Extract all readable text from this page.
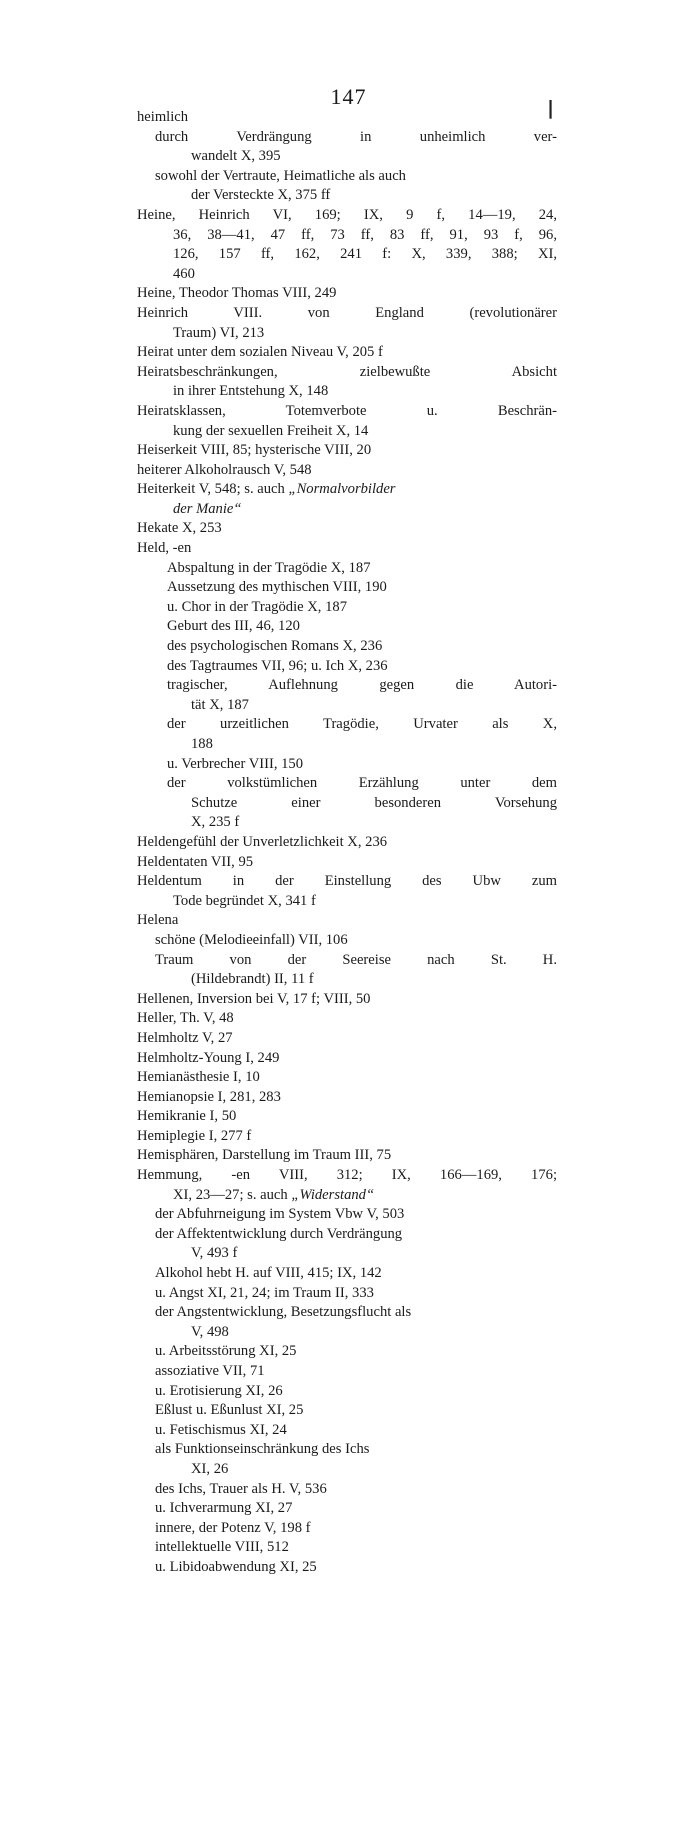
147	❘
heimlich
durch Verdrängung in unheimlich ver-
wandelt X, 395
sowohl der Vertraute, Heimatliche als auch
der Versteckte X, 375 ff
Heine, Heinrich VI, 169; IX, 9 f, 14—19, 24,
36, 38—41, 47 ff, 73 ff, 83 ff, 91, 93 f, 96,
126, 157 ff, 162, 241 f: X, 339, 388; XI,
460
Heine, Theodor Thomas VIII, 249
Heinrich VIII. von England (revolutionärer
Traum) VI, 213
Heirat unter dem sozialen Niveau V, 205 f
Heiratsbeschränkungen, zielbewußte Absicht
in ihrer Entstehung X, 148
Heiratsklassen, Totemverbote u. Beschrän-
kung der sexuellen Freiheit X, 14
Heiserkeit VIII, 85; hysterische VIII, 20
heiterer Alkoholrausch V, 548
Heiterkeit V, 548; s. auch „Normalvorbilder
der Manie“
Hekate X, 253
Held, -en
Abspaltung in der Tragödie X, 187
Aussetzung des mythischen VIII, 190
u. Chor in der Tragödie X, 187
Geburt des III, 46, 120
des psychologischen Romans X, 236
des Tagtraumes VII, 96; u. Ich X, 236
tragischer, Auflehnung gegen die Autori-
tät X, 187
der urzeitlichen Tragödie, Urvater als X,
188
u. Verbrecher VIII, 150
der volkstümlichen Erzählung unter dem
Schutze einer besonderen Vorsehung
X, 235 f
Heldengefühl der Unverletzlichkeit X, 236
Heldentaten VII, 95
Heldentum in der Einstellung des Ubw zum
Tode begründet X, 341 f
Helena
schöne (Melodieeinfall) VII, 106
Traum von der Seereise nach St. H.
(Hildebrandt) II, 11 f
Hellenen, Inversion bei V, 17 f; VIII, 50
Heller, Th. V, 48
Helmholtz V, 27
Helmholtz-Young I, 249
Hemianästhesie I, 10
Hemianopsie I, 281, 283
Hemikranie I, 50
Hemiplegie I, 277 f
Hemisphären, Darstellung im Traum III, 75
Hemmung, -en VIII, 312; IX, 166—169, 176;
XI, 23—27; s. auch „Widerstand“
der Abfuhrneigung im System Vbw V, 503
der Affektentwicklung durch Verdrängung
V, 493 f
Alkohol hebt H. auf VIII, 415; IX, 142
u. Angst XI, 21, 24; im Traum II, 333
der Angstentwicklung, Besetzungsflucht als
V, 498
u. Arbeitsstörung XI, 25
assoziative VII, 71
u. Erotisierung XI, 26
Eßlust u. Eßunlust XI, 25
u. Fetischismus XI, 24
als Funktionseinschränkung des Ichs
XI, 26
des Ichs, Trauer als H. V, 536
u. Ichverarmung XI, 27
innere, der Potenz V, 198 f
intellektuelle VIII, 512
u. Libidoabwendung XI, 25
